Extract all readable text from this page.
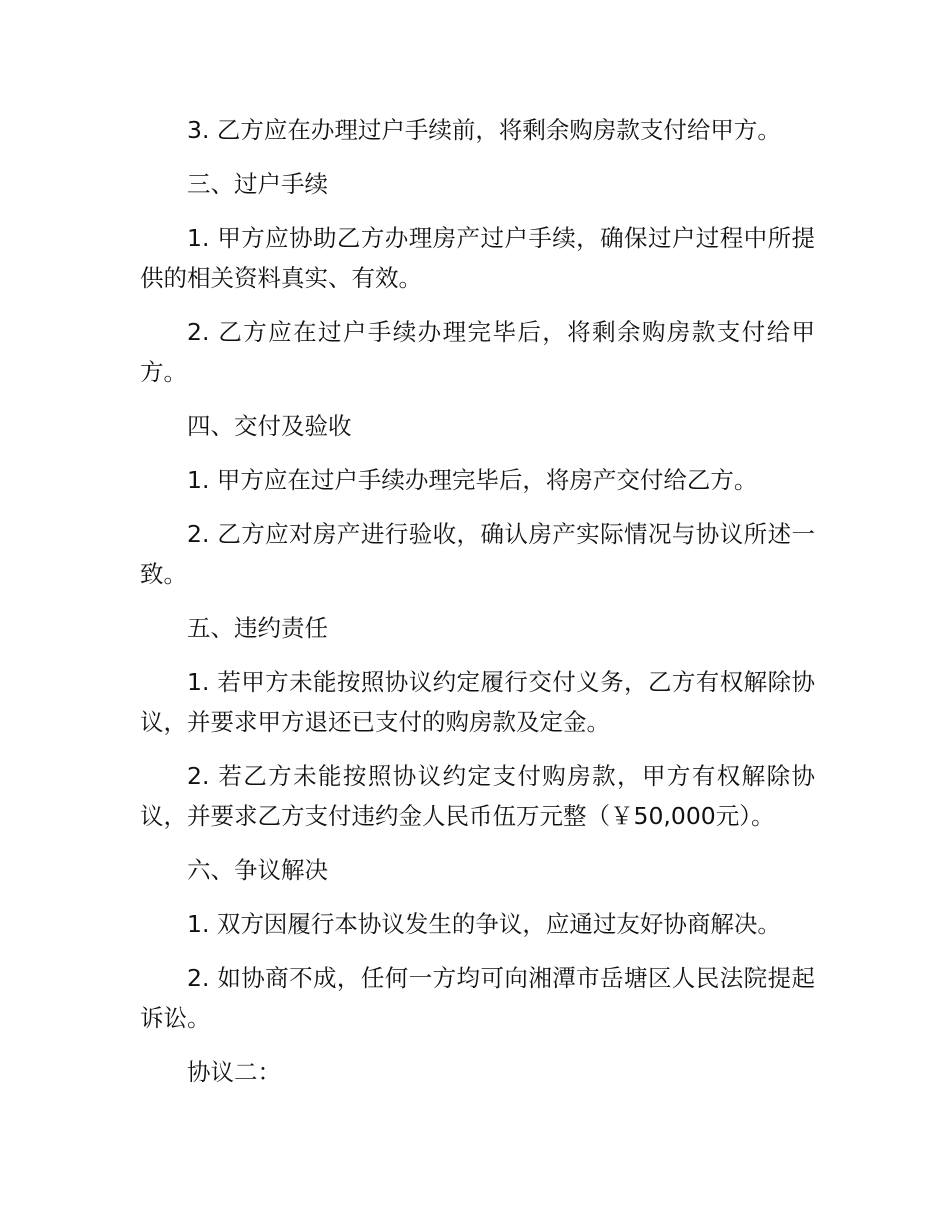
3. 乙方应在办理过户手续前，将剩余购房款支付给甲方。

三、过户手续

1. 甲方应协助乙方办理房产过户手续，确保过户过程中所提供的相关资料真实、有效。

2. 乙方应在过户手续办理完毕后，将剩余购房款支付给甲方。

四、交付及验收

1. 甲方应在过户手续办理完毕后，将房产交付给乙方。

2. 乙方应对房产进行验收，确认房产实际情况与协议所述一致。

五、违约责任

1. 若甲方未能按照协议约定履行交付义务，乙方有权解除协议，并要求甲方退还已支付的购房款及定金。

2. 若乙方未能按照协议约定支付购房款，甲方有权解除协议，并要求乙方支付违约金人民币伍万元整（￥50,000元）。

六、争议解决

1. 双方因履行本协议发生的争议，应通过友好协商解决。

2. 如协商不成，任何一方均可向湘潭市岳塘区人民法院提起诉讼。

协议二：
